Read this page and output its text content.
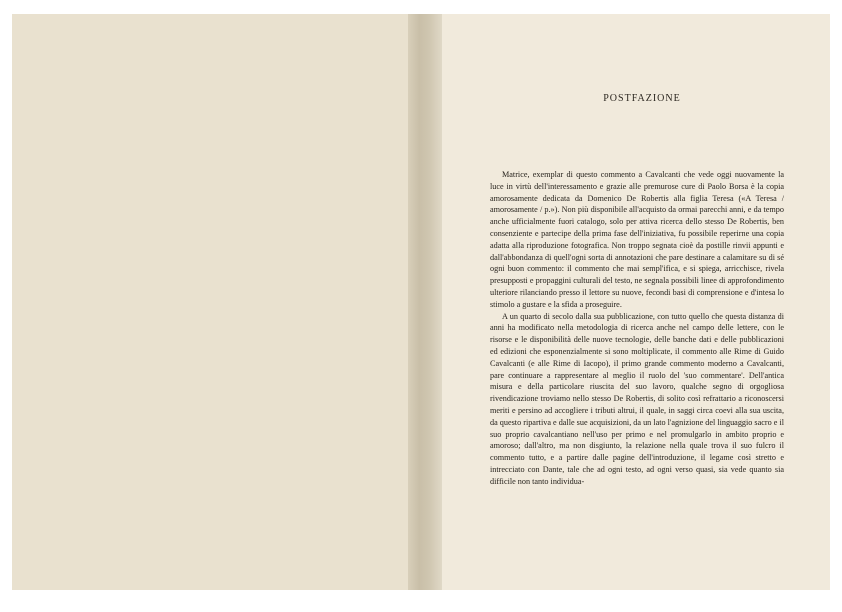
POSTFAZIONE

Matrice, exemplar di questo commento a Cavalcanti che vede oggi nuovamente la luce in virtù dell'interessamento e grazie alle premurose cure di Paolo Borsa è la copia amorosamente dedicata da Domenico De Robertis alla figlia Teresa («A Teresa / amorosamente / p.»). Non più disponibile all'acquisto da ormai parecchi anni, e da tempo anche ufficialmente fuori catalogo, solo per attiva ricerca dello stesso De Robertis, ben consenziente e partecipe della prima fase dell'iniziativa, fu possibile reperirne una copia adatta alla riproduzione fotografica. Non troppo segnata cioè da postille rinvii appunti e dall'abbondanza di quell'ogni sorta di annotazioni che pare destinare a calamitare su di sé ogni buon commento: il commento che mai sempl'ifica, e si spiega, arricchisce, rivela presupposti e propaggini culturali del testo, ne segnala possibili linee di approfondimento ulteriore rilanciando presso il lettore su nuove, fecondi basi di comprensione e d'intesa lo stimolo a gustare e la sfida a proseguire.

A un quarto di secolo dalla sua pubblicazione, con tutto quello che questa distanza di anni ha modificato nella metodologia di ricerca anche nel campo delle lettere, con le risorse e le disponibilità delle nuove tecnologie, delle banche dati e delle pubblicazioni ed edizioni che esponenzialmente si sono moltiplicate, il commento alle Rime di Guido Cavalcanti (e alle Rime di Iacopo), il primo grande commento moderno a Cavalcanti, pare continuare a rappresentare al meglio il ruolo del 'suo commentare'. Dell'antica misura e della particolare riuscita del suo lavoro, qualche segno di orgogliosa rivendicazione troviamo nello stesso De Robertis, di solito così refrattario a riconoscersi meriti e persino ad accogliere i tributi altrui, il quale, in saggi circa coevi alla sua uscita, da questo ripartiva e dalle sue acquisizioni, da un lato l'agnizione del linguaggio sacro e il suo proprio cavalcantiano nell'uso per primo e nel promulgarlo in ambito proprio e amoroso; dall'altro, ma non disgiunto, la relazione nella quale trova il suo fulcro il commento tutto, e a partire dalle pagine dell'introduzione, il legame così stretto e intrecciato con Dante, tale che ad ogni testo, ad ogni verso quasi, sia vede quanto sia difficile non tanto individua-
